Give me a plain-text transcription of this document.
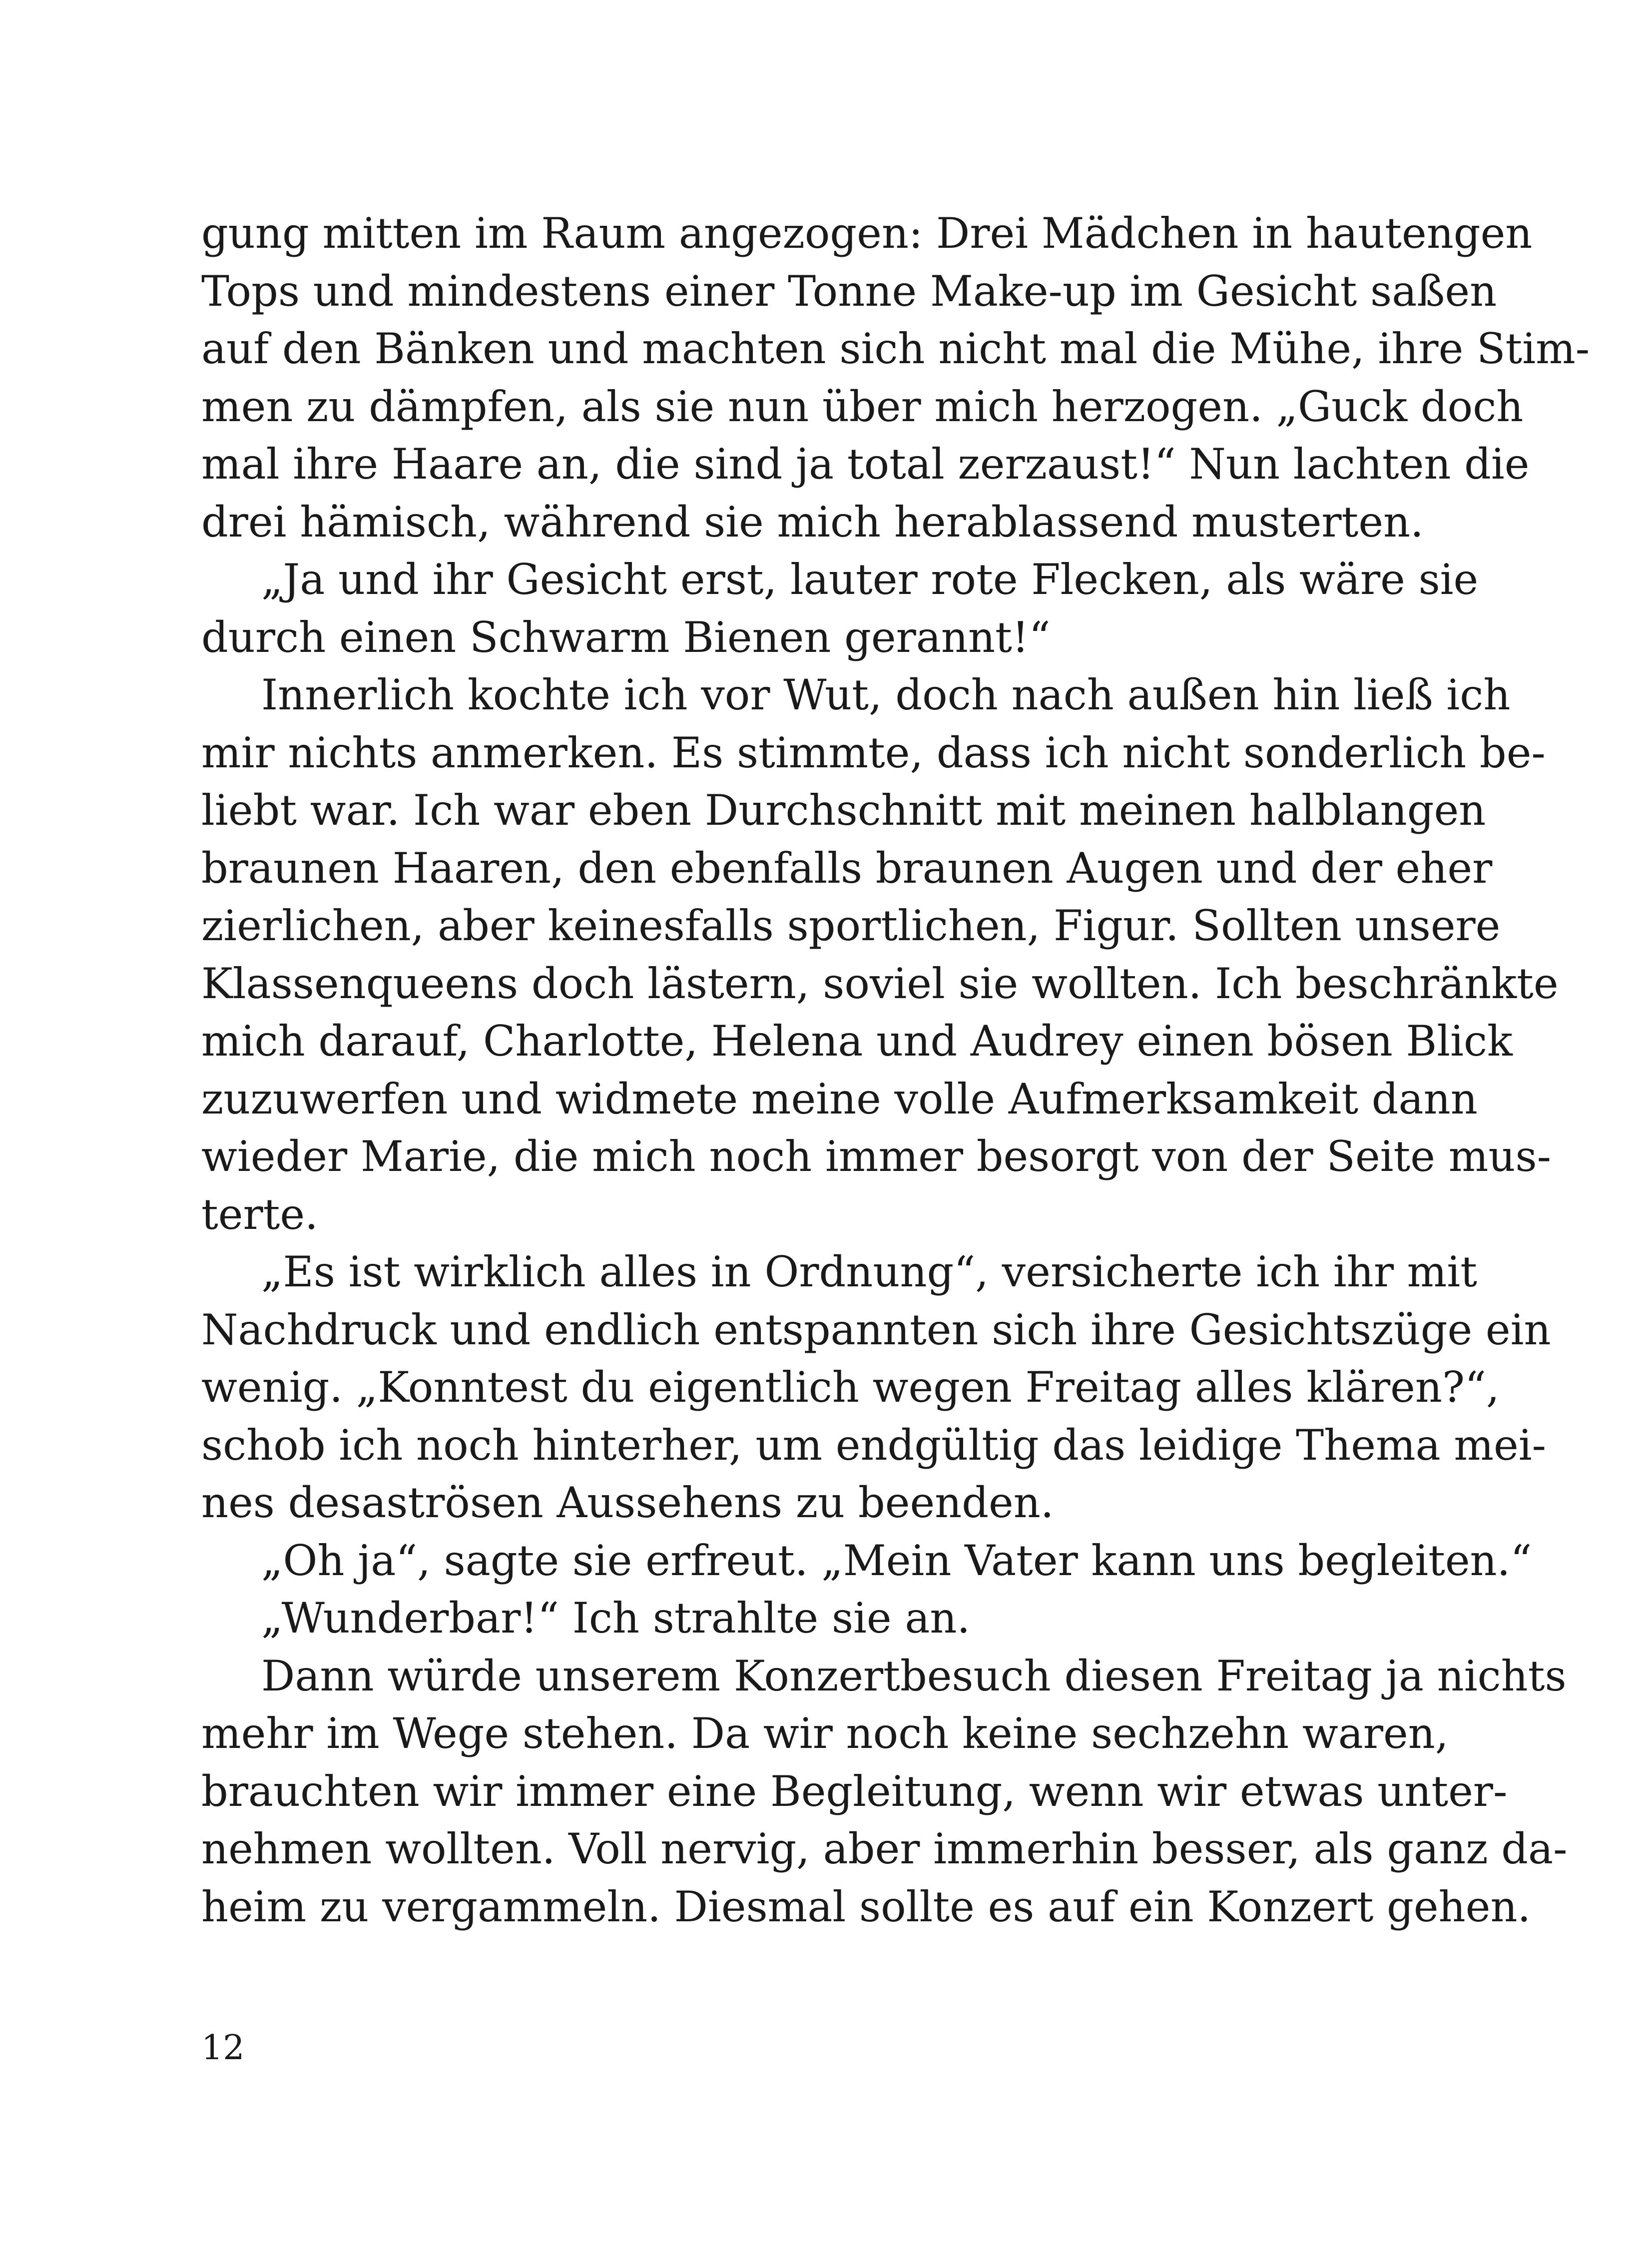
gung mitten im Raum angezogen: Drei Mädchen in hautengen
Tops und mindestens einer Tonne Make-up im Gesicht saßen
auf den Bänken und machten sich nicht mal die Mühe, ihre Stim-
men zu dämpfen, als sie nun über mich herzogen. „Guck doch
mal ihre Haare an, die sind ja total zerzaust!“ Nun lachten die
drei hämisch, während sie mich herablassend musterten.
„Ja und ihr Gesicht erst, lauter rote Flecken, als wäre sie
durch einen Schwarm Bienen gerannt!“
Innerlich kochte ich vor Wut, doch nach außen hin ließ ich
mir nichts anmerken. Es stimmte, dass ich nicht sonderlich be-
liebt war. Ich war eben Durchschnitt mit meinen halblangen
braunen Haaren, den ebenfalls braunen Augen und der eher
zierlichen, aber keinesfalls sportlichen, Figur. Sollten unsere
Klassenqueens doch lästern, soviel sie wollten. Ich beschränkte
mich darauf, Charlotte, Helena und Audrey einen bösen Blick
zuzuwerfen und widmete meine volle Aufmerksamkeit dann
wieder Marie, die mich noch immer besorgt von der Seite mus-
terte.
„Es ist wirklich alles in Ordnung“, versicherte ich ihr mit
Nachdruck und endlich entspannten sich ihre Gesichtszüge ein
wenig. „Konntest du eigentlich wegen Freitag alles klären?“,
schob ich noch hinterher, um endgültig das leidige Thema mei-
nes desaströsen Aussehens zu beenden.
„Oh ja“, sagte sie erfreut. „Mein Vater kann uns begleiten.“
„Wunderbar!“ Ich strahlte sie an.
Dann würde unserem Konzertbesuch diesen Freitag ja nichts
mehr im Wege stehen. Da wir noch keine sechzehn waren,
brauchten wir immer eine Begleitung, wenn wir etwas unter-
nehmen wollten. Voll nervig, aber immerhin besser, als ganz da-
heim zu vergammeln. Diesmal sollte es auf ein Konzert gehen.
12
